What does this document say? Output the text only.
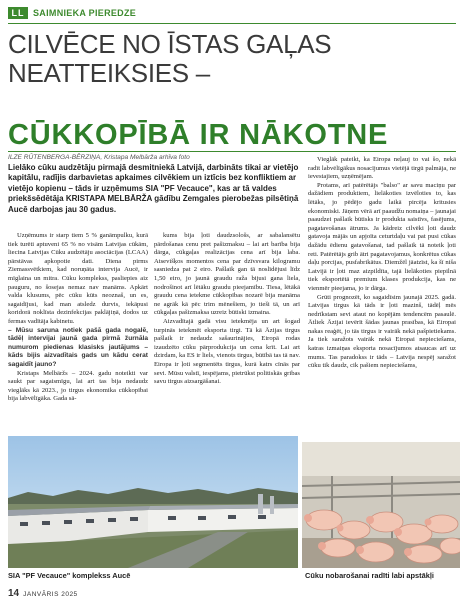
LL SAIMNIEKA PIEREDZE
CILVĒCE NO ĪSTAS GAĻAS NEATTEIKSIES –
CŪKKOPĪBĀ IR NĀKOTNE
ILZE RŪTENBERGA-BĒRZIŅA, Kristapa Melbārža arhīva foto
Lielāko cūku audzētāju pirmajā desmitniekā Latvijā, darbināts tikai ar vietējo kapitālu, radījis darbavietas apkaimes cilvēkiem un iztīcis bez konfliktiem ar vietējo kopienu – tāds ir uzņēmums SIA "PF Vecauce", kas ar tā valdes priekšsēdētāja KRISTAPA MELBĀRŽA gādību Zemgales pierobežas pilsētiņā Aucē darbojas jau 30 gadus.

Uzņēmums ir starp tiem 5 % ganāmpulku, kurā tiek turēti aptuveni 65 % no visām Latvijas cūkām, liecina Latvijas Cūku audzētāju asociācijas (LCAA) pārstāvas apkopotie dati. Diena pirms Ziemassvētkiem, kad noruņāta intervija Aucē, ir mīglaina un mitra. Cūku komplekss, pasliepies aiz pauguru, no šosejas nemaz nav manāms. Apkārt valda klusums, pēc cūku kūts neoznaš, un es, sagaidījusi, kad man atsledz durvis, iekāpusi koridorā noklīsta dezinfekcijas paklājiņā, dodos uz fermas vadītāja kabinetu.

– Mūsu saruna notiek pašā gada nogalē, tādēļ intervijai jaunā gada pirmā žurnāla numurom piedienas klasisks jautājums – kāds bijis aizvadītais gads un kādu cerat sagaidīt jauno?

Kristaps Melbāržs – 2024. gadu noteikti var saukt par sagaismīgu, lai art tas bija nedaudz vieglāks kā 2023., jo tirgus ekonomika cūkkopībai bija labvēlīgāka. Gada sā-

kums bija ļoti daudzsološs, ar sabalansētu pārdošanas cenu pret pašizmaksu – lai art barība bija dārga, cūkgaļas realizācijas cena arī bija laba. Atsevišķos momentos cena par dzīvsvara kilogramu sasniedza pat 2 eiro. Pašlaik gan tā noslīdējusi līdz 1,50 eiro, jo jaunā graudu raža bijusi gana liela, nodrošinot arī lētāku graudu pieejamību. Tiesa, lētākā graudu cena ietekme cūkkopības nozarē bija manāma ne agrāk kā pēc trim mēnešiem, jo tieši tā, un arī cūkgaļas pašizmaksa uzreiz būtiski izmaina.

Aizvadītajā gadā visu ietekmēja un art šogad turpinās ietekmēt eksporta tirgi. Tā kā Āzijas tirgus pašlaik ir nedaudz sašaurinājies, Eiropā rodas izaudzēto cūku pārprodukcija un cena krīt. Lai art dzirdam, ka ES ir liels, vienots tirgus, būtībā tas tā nav. Eiropa ir ļoti segmentēts tirgus, kurā katrs cīnās par sevi. Mūsu valstī, iespējams, pietrūkst politiskās gribas savu tirgus aizsargāšanai.

Vieglāk pateikt, ka Eiropa neļauj to vai šo, nekā radīt labvēlīgākus nosacījumus vietējā tirgū palmāja, ne ievestajiem, uzņēmējam.

Protams, arī patērētājs "balso" ar savu maciņu par dažādiem produktiem, lielākoties izvēloties to, kas lētāks, jo pēdējo gadu laikā pircēja kritusies ekonomiski. Jāņem vērā arī paaudžu nomaiņa – jaunajai paaudzei pašlaik būtisks ir produkta saistīvs, fasējums, pagatavošanas ātrums. Ja kādreiz cilvēki ļoti daudz gatavoja mājās un apjoīta ceturtdaļu vai pat pusi cūkas dažādu ēdienu gatavošanai, tad pašlaik tā noteik ļoti reti. Patērētājs grib ātri pagatavojamus, konkrētus cūkas daļu porcijas, pusfabrikātus. Diemžēl jāatzīst, ka šī niša Latvijā ir ļoti maz aizpildīta, tajā lielākoties piepilnā tiek eksportētā premium klases produkcija, kas ne vienmēr pieejama, jo ir dārga.

Grūti prognozēt, ko sagaidīsim jaunajā 2025. gadā. Latvijas tirgus kā tāds ir ļoti mazinš, tādēļ mēs nedrīkstam sevi ataut no kopējām tendencēm pasaulē. Ātliek Āzijai ievērīt šādas jaunas prasības, kā Eiropai nakas reaģēt, jo tās tirgus ir vairāk nekā pašpietiekams. Ja tiek saražots vairāk nekā Eiropai nepieciešams, katras izmaiņas eksporta nosacījumos atsaucas arī uz mums. Tas paradokss ir tāds – Latvija nespēj saražot cūku tik daudz, cik pašiem nepieciešams,

SIA "PF Vecauce" komplekss Aucē	Cūku nobarošanai radīti labi apstākļi
14 JANVĀRIS 2025
